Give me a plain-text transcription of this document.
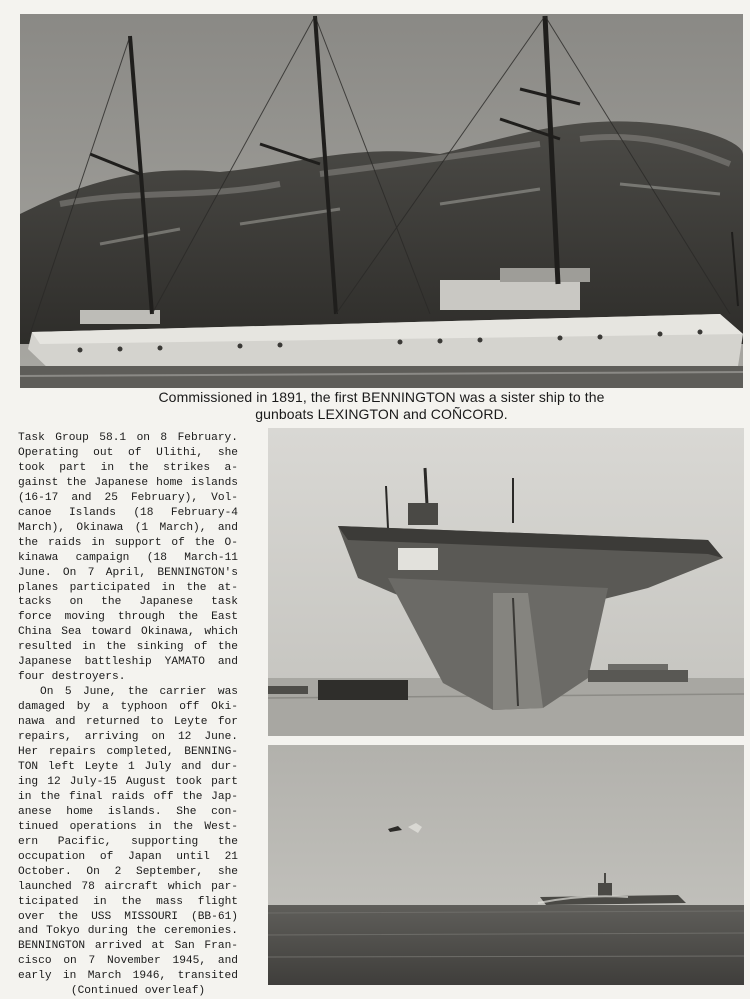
Commissioned in 1891, the first BENNINGTON was a sister ship to the
gunboats LEXINGTON and COÑCORD.
Task Group 58.1 on 8 February.
Operating out of Ulithi, she
took part in the strikes a-
gainst the Japanese home islands
(16-17 and 25 February), Vol-
canoe Islands (18 February-4
March), Okinawa (1 March), and
the raids in support of the O-
kinawa campaign (18 March-11
June. On 7 April, BENNINGTON's
planes participated in the at-
tacks on the Japanese task
force moving through the East
China Sea toward Okinawa, which
resulted in the sinking of the
Japanese battleship YAMATO and
four destroyers.
On 5 June, the carrier was
damaged by a typhoon off Oki-
nawa and returned to Leyte for
repairs, arriving on 12 June.
Her repairs completed, BENNING-
TON left Leyte 1 July and dur-
ing 12 July-15 August took part
in the final raids off the Jap-
anese home islands. She con-
tinued operations in the West-
ern Pacific, supporting the
occupation of Japan until 21
October. On 2 September, she
launched 78 aircraft which par-
ticipated in the mass flight
over the USS MISSOURI (BB-61)
and Tokyo during the ceremonies.
BENNINGTON arrived at San Fran-
cisco on 7 November 1945, and
early in March 1946, transited
(Continued overleaf)
